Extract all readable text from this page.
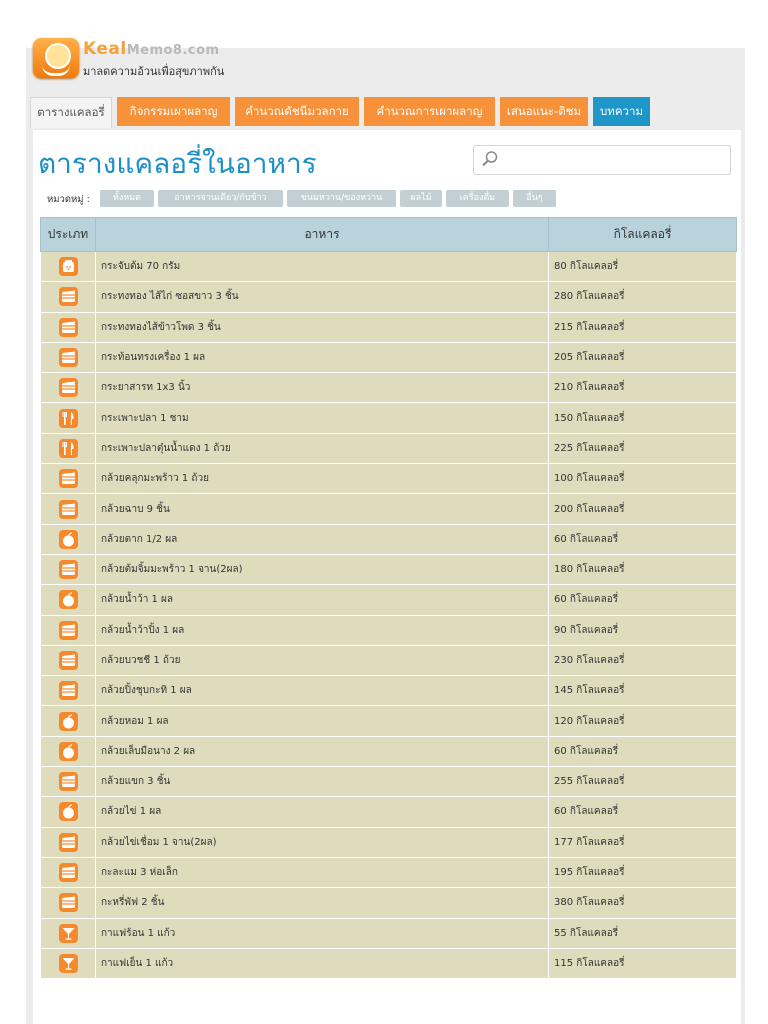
KealMemo8.com
มาลดความอ้วนเพื่อสุขภาพกัน
ตารางแคลอรี่	กิจกรรมเผาผลาญ	คำนวณดัชนีมวลกาย	คำนวณการเผาผลาญ	เสนอแนะ-ติชม	บทความ
ตารางแคลอรี่ในอาหาร
หมวดหมู่ :	ทั้งหมด	อาหารจานเดียว/กับข้าว	ขนมหวาน/ของหวาน	ผลไม้	เครื่องดื่ม	อื่นๆ
ประเภท	อาหาร	กิโลแคลอรี่

	กระจับต้ม 70 กรัม	80 กิโลแคลอรี่

	กระทงทอง ไส้ไก่ ซอสขาว 3 ชิ้น	280 กิโลแคลอรี่

	กระทงทองไส้ข้าวโพด 3 ชิ้น	215 กิโลแคลอรี่

	กระท้อนทรงเครื่อง 1 ผล	205 กิโลแคลอรี่

	กระยาสารท 1x3 นิ้ว	210 กิโลแคลอรี่

	กระเพาะปลา 1 ชาม	150 กิโลแคลอรี่

	กระเพาะปลาตุ๋นน้ำแดง 1 ถ้วย	225 กิโลแคลอรี่

	กล้วยคลุกมะพร้าว 1 ถ้วย	100 กิโลแคลอรี่

	กล้วยฉาบ 9 ชิ้น	200 กิโลแคลอรี่

	กล้วยตาก 1/2 ผล	60 กิโลแคลอรี่

	กล้วยต้มจิ้มมะพร้าว 1 จาน(2ผล)	180 กิโลแคลอรี่

	กล้วยน้ำว้า 1 ผล	60 กิโลแคลอรี่

	กล้วยน้ำว้าปิ้ง 1 ผล	90 กิโลแคลอรี่

	กล้วยบวชชี 1 ถ้วย	230 กิโลแคลอรี่

	กล้วยปิ้งชุบกะทิ 1 ผล	145 กิโลแคลอรี่

	กล้วยหอม 1 ผล	120 กิโลแคลอรี่

	กล้วยเล็บมือนาง 2 ผล	60 กิโลแคลอรี่

	กล้วยแขก 3 ชิ้น	255 กิโลแคลอรี่

	กล้วยไข่ 1 ผล	60 กิโลแคลอรี่

	กล้วยไข่เชื่อม 1 จาน(2ผล)	177 กิโลแคลอรี่

	กะละแม 3 ห่อเล็ก	195 กิโลแคลอรี่

	กะหรี่พัฟ 2 ชิ้น	380 กิโลแคลอรี่

	กาแฟร้อน 1 แก้ว	55 กิโลแคลอรี่

	กาแฟเย็น 1 แก้ว	115 กิโลแคลอรี่
